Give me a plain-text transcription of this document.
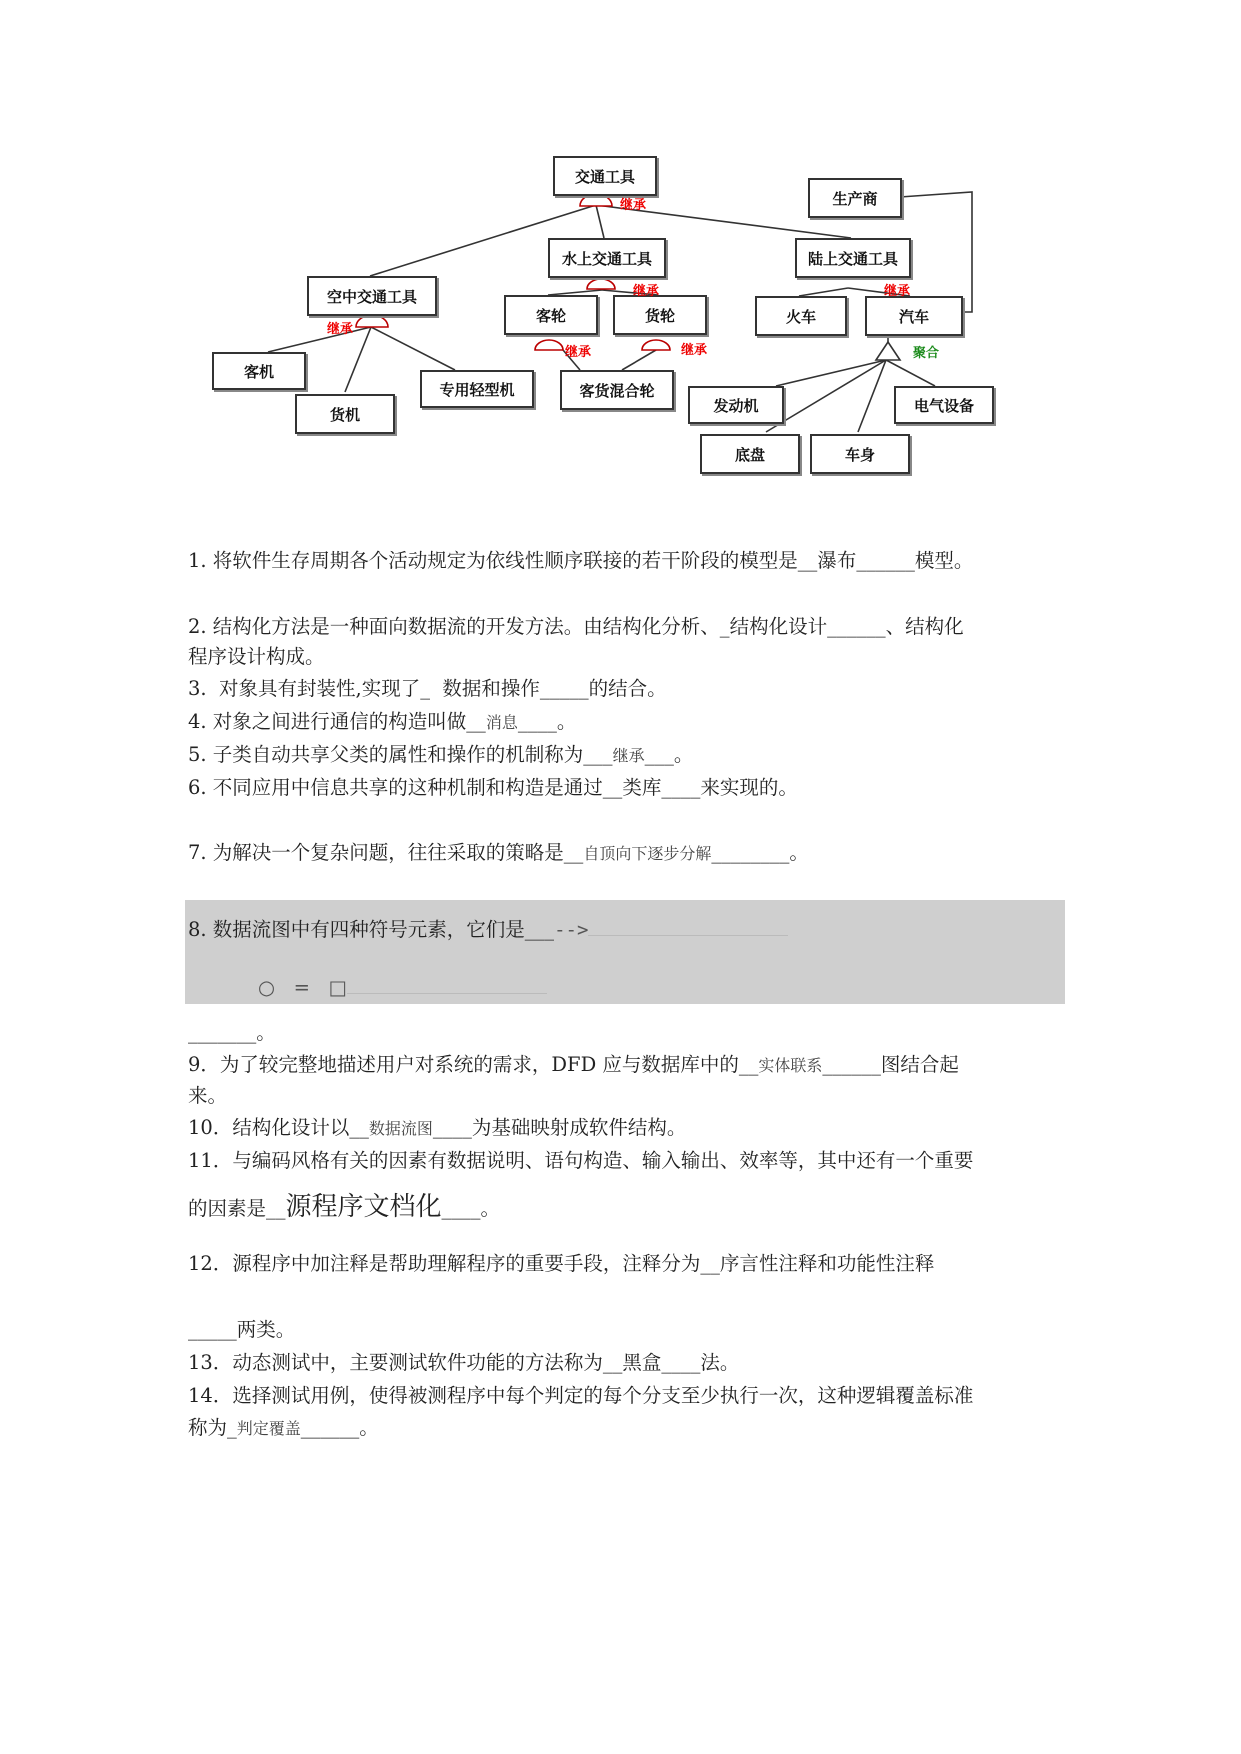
交通工具
生产商
水上交通工具	陆上交通工具
空中交通工具
客轮	货轮	火车	汽车
客机
货机
专用轻型机	客货混合轮
发动机	电气设备
底盘	车身
继承
继承	继承
继承
继承	继承	聚合
1. 将软件生存周期各个活动规定为依线性顺序联接的若干阶段的模型是__瀑布______模型。
2. 结构化方法是一种面向数据流的开发方法。由结构化分析、_结构化设计______、结构化
程序设计构成。
3.  对象具有封装性,实现了_  数据和操作_____的结合。
4. 对象之间进行通信的构造叫做__消息____。
5. 子类自动共享父类的属性和操作的机制称为___继承___。
6. 不同应用中信息共享的这种机制和构造是通过__类库____来实现的。
7. 为解决一个复杂问题，往往采取的策略是__自顶向下逐步分解________。
8. 数据流图中有四种符号元素，它们是___-->
○   =   □
_______。
9．为了较完整地描述用户对系统的需求，DFD 应与数据库中的__实体联系______图结合起
来。
10．结构化设计以__数据流图____为基础映射成软件结构。
11．与编码风格有关的因素有数据说明、语句构造、输入输出、效率等，其中还有一个重要
的因素是__源程序文档化____。
12．源程序中加注释是帮助理解程序的重要手段，注释分为__序言性注释和功能性注释
_____两类。
13．动态测试中，主要测试软件功能的方法称为__黑盒____法。
14．选择测试用例，使得被测程序中每个判定的每个分支至少执行一次，这种逻辑覆盖标准
称为_判定覆盖______。
